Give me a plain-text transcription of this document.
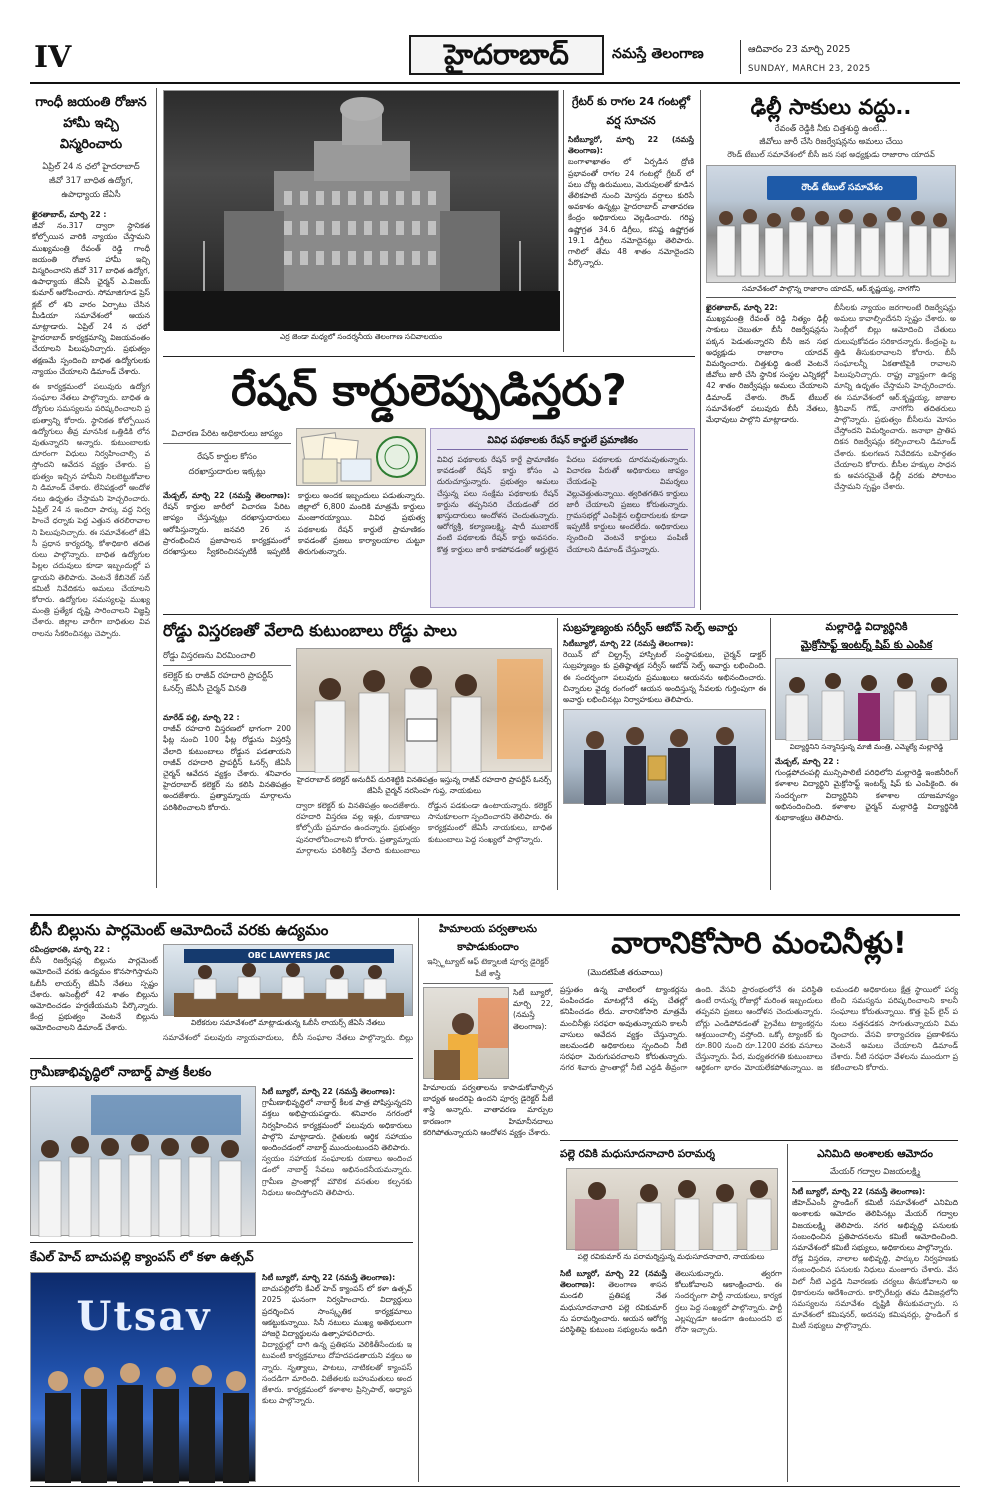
IV	హైదరాబాద్	నమస్తే తెలంగాణ	ఆదివారం 23 మార్చి 2025
SUNDAY, MARCH 23, 2025
గాంధీ జయంతి రోజున హామీ ఇచ్చి విస్మరించారు
ఏప్రిల్ 24 న ఛలో హైదరాబాద్
జీవో 317 బాధిత ఉద్యోగ, ఉపాధ్యాయ జేఏసీ
ఖైరతాబాద్, మార్చి 22 :
జీవో నం.317 ద్వారా స్థానికత కోల్పోయిన వారికి న్యాయం చేస్తామని ముఖ్యమంత్రి రేవంత్ రెడ్డి గాంధీ జయంతి రోజున హామీ ఇచ్చి విస్మరించారని జీవో 317 బాధిత ఉద్యోగ, ఉపాధ్యాయ జేఏసీ ఛైర్మన్ ఎ.విజయ్ కుమార్ ఆరోపించారు. సోమాజిగూడ ప్రెస్ క్లబ్ లో శని వారం ఏర్పాటు చేసిన మీడియా సమావేశంలో ఆయన మాట్లాడారు. ఏప్రిల్ 24 న ఛలో హైదరాబాద్ కార్యక్రమాన్ని విజయవంతం చేయాలని పిలుపునిచ్చారు. ప్రభుత్వం తక్షణమే స్పందించి బాధిత ఉద్యోగులకు న్యాయం చేయాలని డిమాండ్ చేశారు.
ఈ కార్యక్రమంలో పలువురు ఉద్యోగ సంఘాల నేతలు పాల్గొన్నారు. బాధిత ఉద్యోగుల సమస్యలను పరిష్కరించాలని ప్రభుత్వాన్ని కోరారు. స్థానికత కోల్పోయిన ఉద్యోగులు తీవ్ర మానసిక ఒత్తిడికి లోనవుతున్నారని అన్నారు. కుటుంబాలకు దూరంగా విధులు నిర్వహించాల్సి వస్తోందని ఆవేదన వ్యక్తం చేశారు. ప్రభుత్వం ఇచ్చిన హామీని నిలబెట్టుకోవాలని డిమాండ్ చేశారు. లేనిపక్షంలో ఆందోళనలు ఉధృతం చేస్తామని హెచ్చరించారు. ఏప్రిల్ 24 న ఇందిరా పార్కు వద్ద నిర్వహించే ధర్నాకు పెద్ద ఎత్తున తరలిరావాలని పిలుపునిచ్చారు. ఈ సమావేశంలో జేఏసీ ప్రధాన కార్యదర్శి, కోశాధికారి తదితరులు పాల్గొన్నారు. బాధిత ఉద్యోగుల పిల్లల చదువులు కూడా ఇబ్బందుల్లో పడ్డాయని తెలిపారు. వెంటనే కేబినెట్ సబ్ కమిటీ నివేదికను అమలు చేయాలని కోరారు. ఉద్యోగుల సమస్యలపై ముఖ్యమంత్రి ప్రత్యేక దృష్టి సారించాలని విజ్ఞప్తి చేశారు. జిల్లాల వారీగా బాధితుల వివరాలను సేకరించినట్లు చెప్పారు.
ఎర్ర జెండా మధ్యలో సందర్శనీయ తెలంగాణ సచివాలయం
గ్రేటర్ కు రాగల 24 గంటల్లో వర్ష సూచన
సిటీబ్యూరో, మార్చి 22 (నమస్తే తెలంగాణ):
బంగాళాఖాతం లో ఏర్పడిన ద్రోణి ప్రభావంతో రాగల 24 గంటల్లో గ్రేటర్ లో పలు చోట్ల ఉరుములు, మెరుపులతో కూడిన తేలికపాటి నుంచి మోస్తరు వర్షాలు కురిసే అవకాశం ఉన్నట్లు హైదరాబాద్ వాతావరణ కేంద్రం అధికారులు వెల్లడించారు. గరిష్ట ఉష్ణోగ్రత 34.6 డిగ్రీలు, కనిష్ట ఉష్ణోగ్రత 19.1 డిగ్రీలు నమోదైనట్లు తెలిపారు. గాలిలో తేమ 48 శాతం నమోదైందని పేర్కొన్నారు.
ఢిల్లీ సాకులు వద్దు..
రేవంత్ రెడ్డికి నీకు చిత్తశుద్ధి ఉంటే...
జీవోలు జారీ చేసి రిజర్వేషన్లను అమలు చేయి
రౌండ్ టేబుల్ సమావేశంలో బీసీ జన సభ అధ్యక్షుడు రాజారాం యాదవ్
రౌండ్ టేబుల్ సమావేశం
సమావేశంలో పాల్గొన్న రాజారాం యాదవ్, ఆర్.కృష్ణయ్య, నాగగోని
ఖైరతాబాద్, మార్చి 22:
ముఖ్యమంత్రి రేవంత్ రెడ్డి నిత్యం ఢిల్లీ సాకులు చెబుతూ బీసీ రిజర్వేషన్లను పక్కన పెడుతున్నారని బీసీ జన సభ అధ్యక్షుడు రాజారాం యాదవ్ విమర్శించారు. చిత్తశుద్ధి ఉంటే వెంటనే జీవోలు జారీ చేసి స్థానిక సంస్థల ఎన్నికల్లో 42 శాతం రిజర్వేషన్లు అమలు చేయాలని డిమాండ్ చేశారు. రౌండ్ టేబుల్ సమావేశంలో పలువురు బీసీ నేతలు, మేధావులు పాల్గొని మాట్లాడారు.
బీసీలకు న్యాయం జరగాలంటే రిజర్వేషన్లు అమలు కావాల్సిందేనని స్పష్టం చేశారు. అసెంబ్లీలో బిల్లు ఆమోదించి చేతులు దులుపుకోవడం సరికాదన్నారు. కేంద్రంపై ఒత్తిడి తీసుకురావాలని కోరారు. బీసీ సంఘాలన్నీ ఏకతాటిపైకి రావాలని పిలుపునిచ్చారు. రాష్ట్ర వ్యాప్తంగా ఉద్యమాన్ని ఉధృతం చేస్తామని హెచ్చరించారు. ఈ సమావేశంలో ఆర్.కృష్ణయ్య, జాజుల శ్రీనివాస్ గౌడ్, నాగగోని తదితరులు పాల్గొన్నారు. ప్రభుత్వం బీసీలను మోసం చేస్తోందని విమర్శించారు. జనాభా ప్రాతిపదికన రిజర్వేషన్లు కల్పించాలని డిమాండ్ చేశారు. కులగణన నివేదికను బహిర్గతం చేయాలని కోరారు. బీసీల హక్కుల సాధనకు అవసరమైతే ఢిల్లీ వరకు పోరాటం చేస్తామని స్పష్టం చేశారు.
రేషన్ కార్డులెప్పుడిస్తరు?
విచారణ పేరిట అధికారులు జాప్యం
రేషన్ కార్డుల కోసం
దరఖాస్తుదారుల ఇక్కట్లు
మేడ్చల్, మార్చి 22 (నమస్తే తెలంగాణ): రేషన్ కార్డుల జారీలో విచారణ పేరిట జాప్యం చేస్తున్నట్లు దరఖాస్తుదారులు ఆరోపిస్తున్నారు. జనవరి 26 న ప్రారంభించిన ప్రజాపాలన కార్యక్రమంలో దరఖాస్తులు స్వీకరించినప్పటికీ ఇప్పటికీ కార్డులు అందక ఇబ్బందులు పడుతున్నారు. జిల్లాలో 6,800 మందికి మాత్రమే కార్డులు మంజూరయ్యాయి. వివిధ ప్రభుత్వ పథకాలకు రేషన్ కార్డులే ప్రామాణికం కావడంతో ప్రజలు కార్యాలయాల చుట్టూ తిరుగుతున్నారు.
వివిధ పథకాలకు రేషన్ కార్డులే ప్రమాణికం
వివిధ పథకాలకు రేషన్ కార్డే ప్రామాణికం కావడంతో రేషన్ కార్డు కోసం ఎదురుచూస్తున్నారు. ప్రభుత్వం అమలు చేస్తున్న పలు సంక్షేమ పథకాలకు రేషన్ కార్డును తప్పనిసరి చేయడంతో దరఖాస్తుదారులు ఆందోళన చెందుతున్నారు. ఆరోగ్యశ్రీ, కల్యాణలక్ష్మి, షాదీ ముబారక్ వంటి పథకాలకు రేషన్ కార్డు అవసరం. కొత్త కార్డులు జారీ కాకపోవడంతో అర్హులైన పేదలు పథకాలకు దూరమవుతున్నారు. విచారణ పేరుతో అధికారులు జాప్యం చేయడంపై విమర్శలు వెల్లువెత్తుతున్నాయి. త్వరితగతిన కార్డులు జారీ చేయాలని ప్రజలు కోరుతున్నారు. గ్రామసభల్లో ఎంపికైన లబ్ధిదారులకు కూడా ఇప్పటికీ కార్డులు అందలేదు. అధికారులు స్పందించి వెంటనే కార్డులు పంపిణీ చేయాలని డిమాండ్ చేస్తున్నారు.
రోడ్డు విస్తరణతో వేలాది కుటుంబాలు రోడ్డు పాలు
రోడ్డు విస్తరణను విరమించాలి
కలెక్టర్ కు రాజీవ్ రహదారి ప్రాపర్టీస్ ఓనర్స్ జేఏసీ చైర్మన్ వినతి
హైదరాబాద్ కలెక్టర్ అనుదీప్ దురిశెట్టికి వినతిపత్రం ఇస్తున్న రాజీవ్ రహదారి ప్రాపర్టీస్ ఓనర్స్ జేఏసీ చైర్మన్ నరసింహ గుప్త, నాయకులు
మారేడ్ పల్లి, మార్చి 22 :
రాజీవ్ రహదారి విస్తరణలో భాగంగా 200 ఫీట్ల నుంచి 100 ఫీట్ల రోడ్డును విస్తరిస్తే వేలాది కుటుంబాలు రోడ్డున పడతాయని రాజీవ్ రహదారి ప్రాపర్టీస్ ఓనర్స్ జేఏసీ చైర్మన్ ఆవేదన వ్యక్తం చేశారు. శనివారం హైదరాబాద్ కలెక్టర్ ను కలిసి వినతిపత్రం అందజేశారు. ప్రత్యామ్నాయ మార్గాలను పరిశీలించాలని కోరారు.	ద్వారా కలెక్టర్ కు వినతిపత్రం అందజేశారు. రహదారి విస్తరణ వల్ల ఇళ్లు, దుకాణాలు కోల్పోయే ప్రమాదం ఉందన్నారు. ప్రభుత్వం పునరాలోచించాలని కోరారు. ప్రత్యామ్నాయ మార్గాలను పరిశీలిస్తే వేలాది కుటుంబాలు రోడ్డున పడకుండా ఉంటాయన్నారు. కలెక్టర్ సానుకూలంగా స్పందించారని తెలిపారు. ఈ కార్యక్రమంలో జేఏసీ నాయకులు, బాధిత కుటుంబాలు పెద్ద సంఖ్యలో పాల్గొన్నారు.
సుబ్రహ్మణ్యంకు సర్వీస్ ఆబోవ్ సెల్ఫ్ అవార్డు
సిటీబ్యూరో, మార్చి 22 (నమస్తే తెలంగాణ):
రెయిన్ బో చిల్డ్రన్స్ హాస్పిటల్ సంస్థాపకులు, చైర్మన్ డాక్టర్ సుబ్రహ్మణ్యం కు ప్రతిష్ఠాత్మక సర్వీస్ ఆబోవ్ సెల్ఫ్ అవార్డు లభించింది. ఈ సందర్భంగా పలువురు ప్రముఖులు ఆయనను అభినందించారు. చిన్నారుల వైద్య రంగంలో ఆయన అందిస్తున్న సేవలకు గుర్తింపుగా ఈ అవార్డు లభించినట్లు నిర్వాహకులు తెలిపారు.
మల్లారెడ్డి విద్యార్థినికి
మైక్రోసాఫ్ట్ ఇంటర్న్ షిప్ కు ఎంపిక
విద్యార్థినిని సన్మానిస్తున్న మాజీ మంత్రి, ఎమ్మెల్యే మల్లారెడ్డి
మేడ్చల్, మార్చి 22 :
గుండ్లపోచంపల్లి మున్సిపాలిటీ పరిధిలోని మల్లారెడ్డి ఇంజినీరింగ్ కళాశాల విద్యార్థిని మైక్రోసాఫ్ట్ ఇంటర్న్ షిప్ కు ఎంపికైంది. ఈ సందర్భంగా విద్యార్థినిని కళాశాల యాజమాన్యం అభినందించింది. కళాశాల ఛైర్మన్ మల్లారెడ్డి విద్యార్థినికి శుభాకాంక్షలు తెలిపారు.
బీసీ బిల్లును పార్లమెంట్ ఆమోదించే వరకు ఉద్యమం
రవీంద్రభారతి, మార్చి 22 :
బీసీ రిజర్వేషన్ల బిల్లును పార్లమెంట్ ఆమోదించే వరకు ఉద్యమం కొనసాగిస్తామని ఓబీసీ లాయర్స్ జేఏసీ నేతలు స్పష్టం చేశారు. అసెంబ్లీలో 42 శాతం బిల్లును ఆమోదించడం హర్షణీయమని పేర్కొన్నారు. కేంద్ర ప్రభుత్వం వెంటనే బిల్లును ఆమోదించాలని డిమాండ్ చేశారు.
OBC LAWYERS JAC
విలేకరుల సమావేశంలో మాట్లాడుతున్న ఓబీసీ లాయర్స్ జేఏసీ నేతలు
సమావేశంలో పలువురు న్యాయవాదులు, బీసీ సంఘాల నేతలు పాల్గొన్నారు. బిల్లు
గ్రామీణాభివృద్ధిలో నాబార్డ్ పాత్ర కీలకం
సిటీ బ్యూరో, మార్చి 22 (నమస్తే తెలంగాణ):
గ్రామీణాభివృద్ధిలో నాబార్డ్ కీలక పాత్ర పోషిస్తున్నదని వక్తలు అభిప్రాయపడ్డారు. శనివారం నగరంలో నిర్వహించిన కార్యక్రమంలో పలువురు అధికారులు పాల్గొని మాట్లాడారు. రైతులకు ఆర్థిక సహాయం అందించడంలో నాబార్డ్ ముందుంటుందని తెలిపారు.
స్వయం సహాయక సంఘాలకు రుణాలు అందించడంలో నాబార్డ్ సేవలు అభినందనీయమన్నారు. గ్రామీణ ప్రాంతాల్లో మౌలిక వసతుల కల్పనకు నిధులు అందిస్తోందని తెలిపారు.
కేఎల్ హెచ్ బాచుపల్లి క్యాంపస్ లో కళా ఉత్సవ్
Utsav
సిటీ బ్యూరో, మార్చి 22 (నమస్తే తెలంగాణ):
బాచుపల్లిలోని కేఎల్ హెచ్ క్యాంపస్ లో కళా ఉత్సవ్ 2025 ఘనంగా నిర్వహించారు. విద్యార్థులు ప్రదర్శించిన సాంస్కృతిక కార్యక్రమాలు ఆకట్టుకున్నాయి. సినీ నటులు ముఖ్య అతిథులుగా హాజరై విద్యార్థులను ఉత్సాహపరిచారు.
విద్యార్థుల్లో దాగి ఉన్న ప్రతిభను వెలికితీసేందుకు ఇటువంటి కార్యక్రమాలు దోహదపడతాయని వక్తలు అన్నారు. నృత్యాలు, పాటలు, నాటికలతో క్యాంపస్ సందడిగా మారింది. విజేతలకు బహుమతులు అందజేశారు. కార్యక్రమంలో కళాశాల ప్రిన్సిపాల్, అధ్యాపకులు పాల్గొన్నారు.
హిమాలయ పర్వతాలను కాపాడుకుందాం
ఇన్స్టిట్యూట్ ఆఫ్ టెక్నాలజీ పూర్వ డైరెక్టర్ పీజే శాస్త్రి
సిటీ బ్యూరో, మార్చి 22, (నమస్తే తెలంగాణ):
హిమాలయ పర్వతాలను కాపాడుకోవాల్సిన బాధ్యత అందరిపై ఉందని పూర్వ డైరెక్టర్ పీజే శాస్త్రి అన్నారు. వాతావరణ మార్పుల కారణంగా హిమానీనదాలు కరిగిపోతున్నాయని ఆందోళన వ్యక్తం చేశారు.
వారానికోసారి మంచినీళ్లు!
(మొదటిపేజీ తరువాయి)
ప్రస్తుతం ఉన్న వాటిలలో ట్యాంకర్లను పంపించడం మాటల్లోనే తప్ప చేతల్లో కనిపించడం లేదు. వారానికోసారి మాత్రమే మంచినీళ్లు సరఫరా అవుతున్నాయని కాలనీ వాసులు ఆవేదన వ్యక్తం చేస్తున్నారు. జలమండలి అధికారులు స్పందించి నీటి సరఫరా మెరుగుపరచాలని కోరుతున్నారు. నగర శివారు ప్రాంతాల్లో నీటి ఎద్దడి తీవ్రంగా ఉంది. వేసవి ప్రారంభంలోనే ఈ పరిస్థితి ఉంటే రానున్న రోజుల్లో మరింత ఇబ్బందులు తప్పవని ప్రజలు ఆందోళన చెందుతున్నారు. బోర్లు ఎండిపోవడంతో ప్రైవేటు ట్యాంకర్లను ఆశ్రయించాల్సి వస్తోంది. ఒక్కో ట్యాంకర్ కు రూ.800 నుంచి రూ.1200 వరకు వసూలు చేస్తున్నారు. పేద, మధ్యతరగతి కుటుంబాలు ఆర్థికంగా భారం మోయలేకపోతున్నాయి. జలమండలి అధికారులు క్షేత్ర స్థాయిలో పర్యటించి సమస్యను పరిష్కరించాలని కాలనీ సంఘాలు కోరుతున్నాయి. కొత్త పైప్ లైన్ పనులు నత్తనడకన సాగుతున్నాయని విమర్శించారు. వేసవి కార్యాచరణ ప్రణాళికను వెంటనే అమలు చేయాలని డిమాండ్ చేశారు. నీటి సరఫరా వేళలను ముందుగా ప్రకటించాలని కోరారు.
పల్లె రవికి మధుసూదనాచారి పరామర్శ
పల్లె రవికుమార్ ను పరామర్శిస్తున్న మధుసూదనాచారి, నాయకులు
సిటీ బ్యూరో, మార్చి 22 (నమస్తే తెలంగాణ): తెలంగాణ శాసన మండలి ప్రతిపక్ష నేత మధుసూదనాచారి పల్లె రవికుమార్ ను పరామర్శించారు. ఆయన ఆరోగ్య పరిస్థితిపై కుటుంబ సభ్యులను అడిగి తెలుసుకున్నారు. త్వరగా కోలుకోవాలని ఆకాంక్షించారు. ఈ సందర్భంగా పార్టీ నాయకులు, కార్యకర్తలు పెద్ద సంఖ్యలో పాల్గొన్నారు. పార్టీ ఎల్లప్పుడూ అండగా ఉంటుందని భరోసా ఇచ్చారు.
ఎనిమిది అంశాలకు ఆమోదం
మేయర్ గద్వాల విజయలక్ష్మి
సిటీ బ్యూరో, మార్చి 22 (నమస్తే తెలంగాణ):
జీహెచ్ఎంసీ స్టాండింగ్ కమిటీ సమావేశంలో ఎనిమిది అంశాలకు ఆమోదం తెలిపినట్లు మేయర్ గద్వాల విజయలక్ష్మి తెలిపారు. నగర అభివృద్ధి పనులకు సంబంధించిన ప్రతిపాదనలను కమిటీ ఆమోదించింది. సమావేశంలో కమిటీ సభ్యులు, అధికారులు పాల్గొన్నారు.
రోడ్ల విస్తరణ, నాలాల అభివృద్ధి, పార్కుల నిర్వహణకు సంబంధించిన పనులకు నిధులు మంజూరు చేశారు. వేసవిలో నీటి ఎద్దడి నివారణకు చర్యలు తీసుకోవాలని అధికారులను ఆదేశించారు. కార్పొరేటర్లు తమ డివిజన్లలోని సమస్యలను సమావేశం దృష్టికి తీసుకువచ్చారు. సమావేశంలో కమిషనర్, అదనపు కమిషనర్లు, స్టాండింగ్ కమిటీ సభ్యులు పాల్గొన్నారు.
